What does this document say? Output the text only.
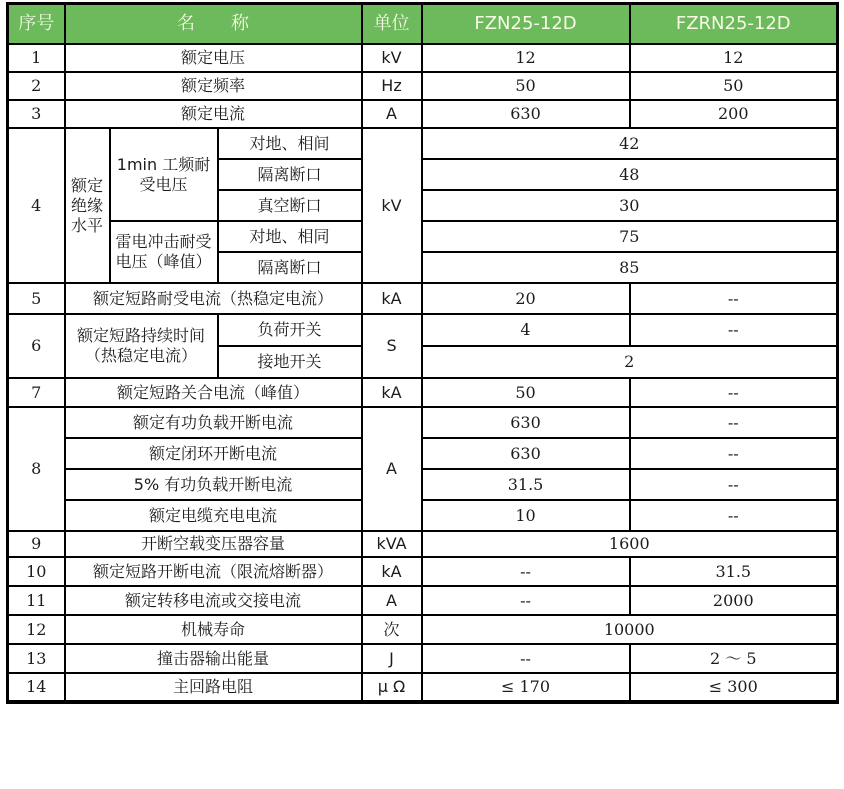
序号	名　　称			单位	FZN25-12D	FZRN25-12D
1	额定电压			kV	12	12
2	额定频率			Hz	50	50
3	额定电流			A	630	200
4	额定绝缘水平	1min 工频耐受电压	对地、相间	kV	42	
			隔离断口		48	
			真空断口		30	
		雷电冲击耐受电压（峰值）	对地、相同		75	
			隔离断口		85	
5	额定短路耐受电流（热稳定电流）			kA	20	--
6	额定短路持续时间（热稳定电流）		负荷开关	S	4	--
			接地开关		2	
7	额定短路关合电流（峰值）			kA	50	--
8	额定有功负载开断电流			A	630	--
	额定闭环开断电流				630	--
	5% 有功负载开断电流				31.5	--
	额定电缆充电电流				10	--
9	开断空载变压器容量			kVA	1600	
10	额定短路开断电流（限流熔断器）			kA	--	31.5
11	额定转移电流或交接电流			A	--	2000
12	机械寿命			次	10000	
13	撞击器输出能量			J	--	2 ～ 5
14	主回路电阻			μ Ω	≤ 170	≤ 300
